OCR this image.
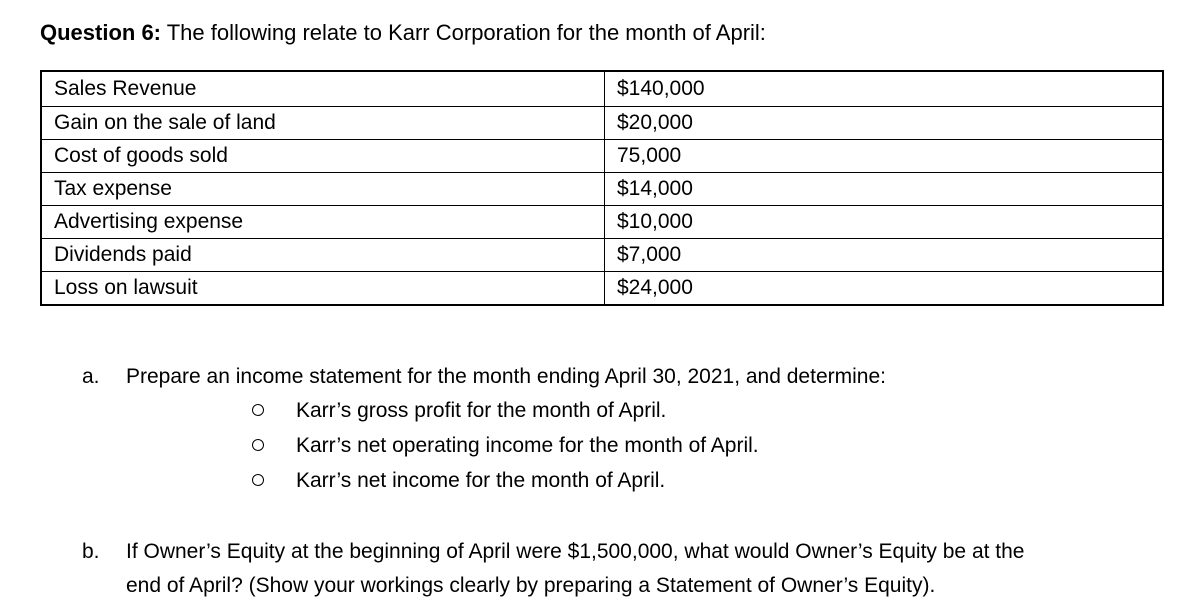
Question 6: The following relate to Karr Corporation for the month of April:
Sales Revenue	$140,000
Gain on the sale of land	$20,000
Cost of goods sold	75,000
Tax expense	$14,000
Advertising expense	$10,000
Dividends paid	$7,000
Loss on lawsuit	$24,000
a. Prepare an income statement for the month ending April 30, 2021, and determine:
Karr’s gross profit for the month of April.
Karr’s net operating income for the month of April.
Karr’s net income for the month of April.
b. If Owner’s Equity at the beginning of April were $1,500,000, what would Owner’s Equity be at the
end of April? (Show your workings clearly by preparing a Statement of Owner’s Equity).
